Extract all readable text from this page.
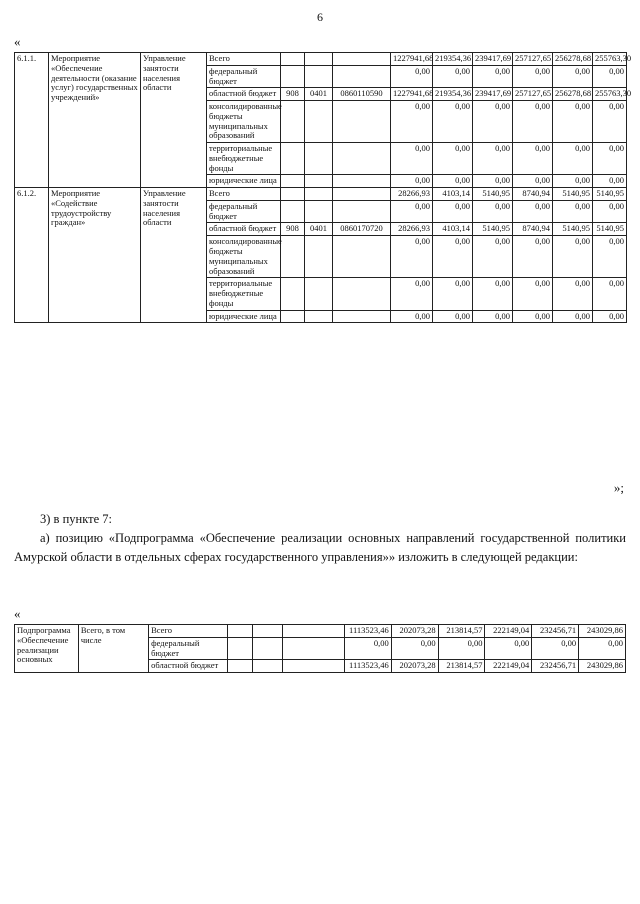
6
«
6.1.1.	Мероприятие «Обеспечение деятельности (оказание услуг) государственных учреждений»	Управление занятости населения области	Всего				1227941,68	219354,36	239417,69	257127,65	256278,68	255763,30
			федеральный бюджет				0,00	0,00	0,00	0,00	0,00	0,00
			областной бюджет	908	0401	0860110590	1227941,68	219354,36	239417,69	257127,65	256278,68	255763,30
			консолидированные бюджеты муниципальных образований				0,00	0,00	0,00	0,00	0,00	0,00
			территориальные внебюджетные фонды				0,00	0,00	0,00	0,00	0,00	0,00
			юридические лица				0,00	0,00	0,00	0,00	0,00	0,00
6.1.2.	Мероприятие «Содействие трудоустройству граждан»	Управление занятости населения области	Всего				28266,93	4103,14	5140,95	8740,94	5140,95	5140,95
			федеральный бюджет				0,00	0,00	0,00	0,00	0,00	0,00
			областной бюджет	908	0401	0860170720	28266,93	4103,14	5140,95	8740,94	5140,95	5140,95
			консолидированные бюджеты муниципальных образований				0,00	0,00	0,00	0,00	0,00	0,00
			территориальные внебюджетные фонды				0,00	0,00	0,00	0,00	0,00	0,00
			юридические лица				0,00	0,00	0,00	0,00	0,00	0,00
»;

3) в пункте 7:

а) позицию «Подпрограмма «Обеспечение реализации основных направлений государственной политики Амурской области в отдельных сферах государственного управления»» изложить в следующей редакции:

«
Подпрограмма «Обеспечение реализации основных	Всего, в том числе	Всего				1113523,46	202073,28	213814,57	222149,04	232456,71	243029,86
		федеральный бюджет				0,00	0,00	0,00	0,00	0,00	0,00
		областной бюджет				1113523,46	202073,28	213814,57	222149,04	232456,71	243029,86
